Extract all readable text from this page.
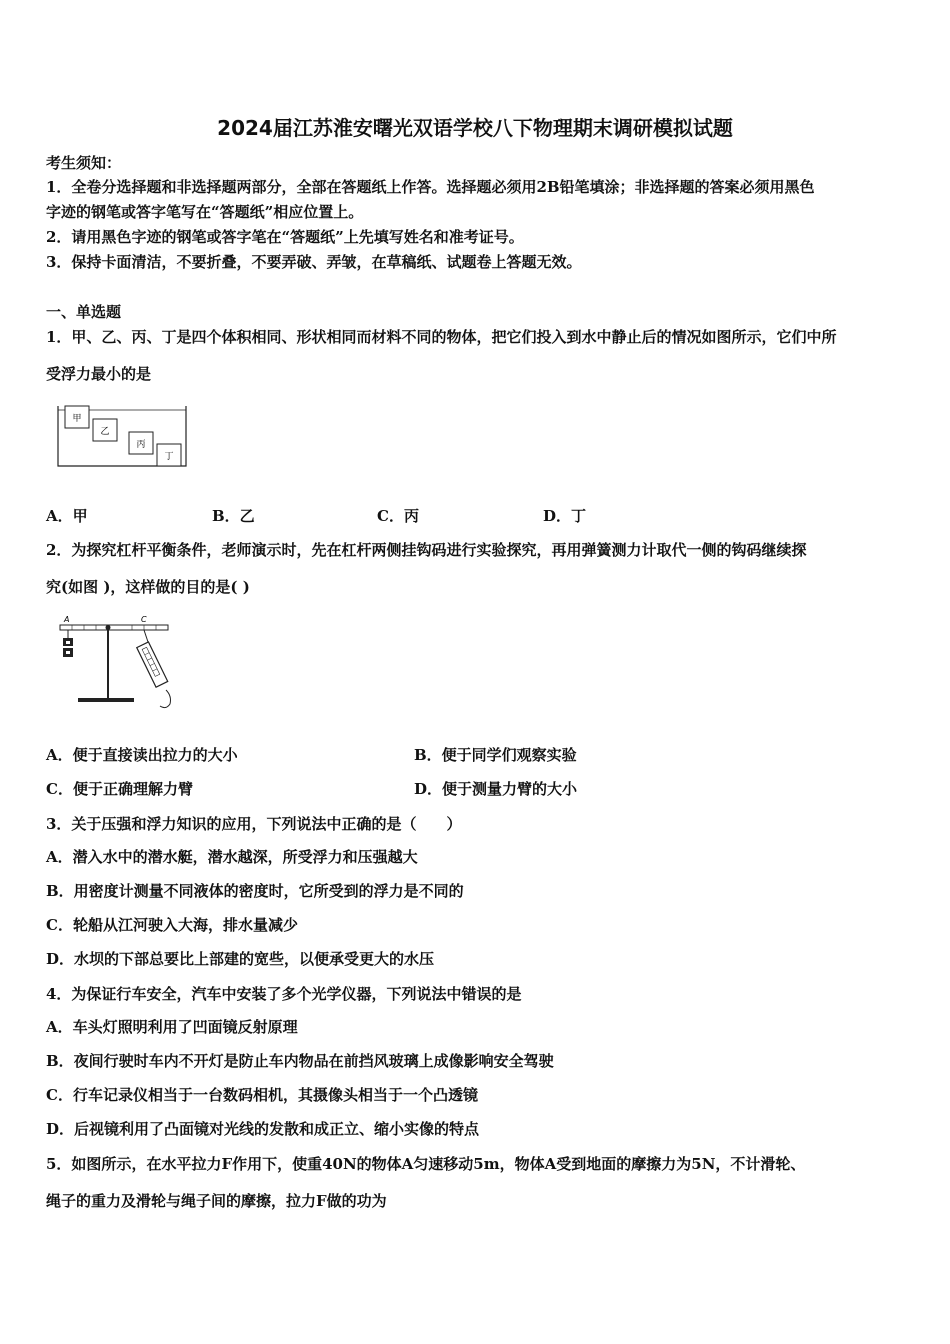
2024届江苏淮安曙光双语学校八下物理期末调研模拟试题
考生须知：
1．全卷分选择题和非选择题两部分，全部在答题纸上作答。选择题必须用2B铅笔填涂；非选择题的答案必须用黑色
字迹的钢笔或答字笔写在“答题纸”相应位置上。
2．请用黑色字迹的钢笔或答字笔在“答题纸”上先填写姓名和准考证号。
3．保持卡面清洁，不要折叠，不要弄破、弄皱，在草稿纸、试题卷上答题无效。
一、单选题
1．甲、乙、丙、丁是四个体积相同、形状相同而材料不同的物体，把它们投入到水中静止后的情况如图所示，它们中所
受浮力最小的是
甲
乙
丙
丁
A．甲	B．乙	C．丙	D．丁
2．为探究杠杆平衡条件，老师演示时，先在杠杆两侧挂钩码进行实验探究，再用弹簧测力计取代一侧的钩码继续探
究(如图 )，这样做的目的是( )
A	C
A．便于直接读出拉力的大小	B．便于同学们观察实验
C．便于正确理解力臂	D．便于测量力臂的大小
3．关于压强和浮力知识的应用，下列说法中正确的是（　　）
A．潜入水中的潜水艇，潜水越深，所受浮力和压强越大
B．用密度计测量不同液体的密度时，它所受到的浮力是不同的
C．轮船从江河驶入大海，排水量减少
D．水坝的下部总要比上部建的宽些，以便承受更大的水压
4．为保证行车安全，汽车中安装了多个光学仪器，下列说法中错误的是
A．车头灯照明利用了凹面镜反射原理
B．夜间行驶时车内不开灯是防止车内物品在前挡风玻璃上成像影响安全驾驶
C．行车记录仪相当于一台数码相机，其摄像头相当于一个凸透镜
D．后视镜利用了凸面镜对光线的发散和成正立、缩小实像的特点
5．如图所示，在水平拉力F作用下，使重40N的物体A匀速移动5m，物体A受到地面的摩擦力为5N，不计滑轮、
绳子的重力及滑轮与绳子间的摩擦，拉力F做的功为
